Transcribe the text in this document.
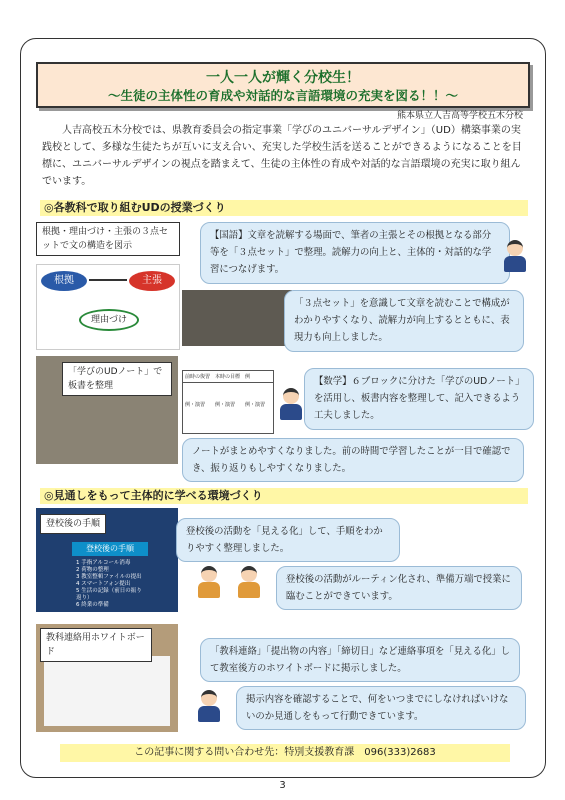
一人一人が輝く分校生！
～生徒の主体性の育成や対話的な言語環境の充実を図る！！～
熊本県立人吉高等学校五木分校
人吉高校五木分校では、県教育委員会の指定事業「学びのユニバーサルデザイン」（UD）構築事業の実践校として、多様な生徒たちが互いに支え合い、充実した学校生活を送ることができるようになることを目標に、ユニバーサルデザインの視点を踏まえて、生徒の主体性の育成や対話的な言語環境の充実に取り組んでいます。
◎各教科で取り組むUDの授業づくり
根拠・理由づけ・主張の３点セットで文の構造を図示
根拠	主張
理由づけ
【国語】文章を読解する場面で、筆者の主張とその根拠となる部分等を「３点セット」で整理。読解力の向上と、主体的・対話的な学習につなげます。
「３点セット」を意識して文章を読むことで構成がわかりやすくなり、読解力が向上するとともに、表現力も向上しました。
「学びのUDノート」で板書を整理
前時の復習 本時の目標 例
例・演習	例・演習	例・演習
【数学】６ブロックに分けた「学びのUDノート」を活用し、板書内容を整理して、記入できるよう工夫しました。
ノートがまとめやすくなりました。前の時間で学習したことが一目で確認でき、振り返りもしやすくなりました。
◎見通しをもって主体的に学べる環境づくり
登校後の手順
1 手指アルコール消毒
2 荷物の整理
3 教室整頓ファイルの提出
4 スマートフォン提出
5 生活の記録（前日の振り返り）
6 終業の準備
登校後の手順
登校後の活動を「見える化」して、手順をわかりやすく整理しました。
登校後の活動がルーティン化され、準備万端で授業に臨むことができています。
教科連絡用ホワイトボード	「教科連絡」「提出物の内容」「締切日」など連絡事項を「見える化」して教室後方のホワイトボードに掲示しました。
掲示内容を確認することで、何をいつまでにしなければいけないのか見通しをもって行動できています。
この記事に関する問い合わせ先：特別支援教育課　096(333)2683
3
